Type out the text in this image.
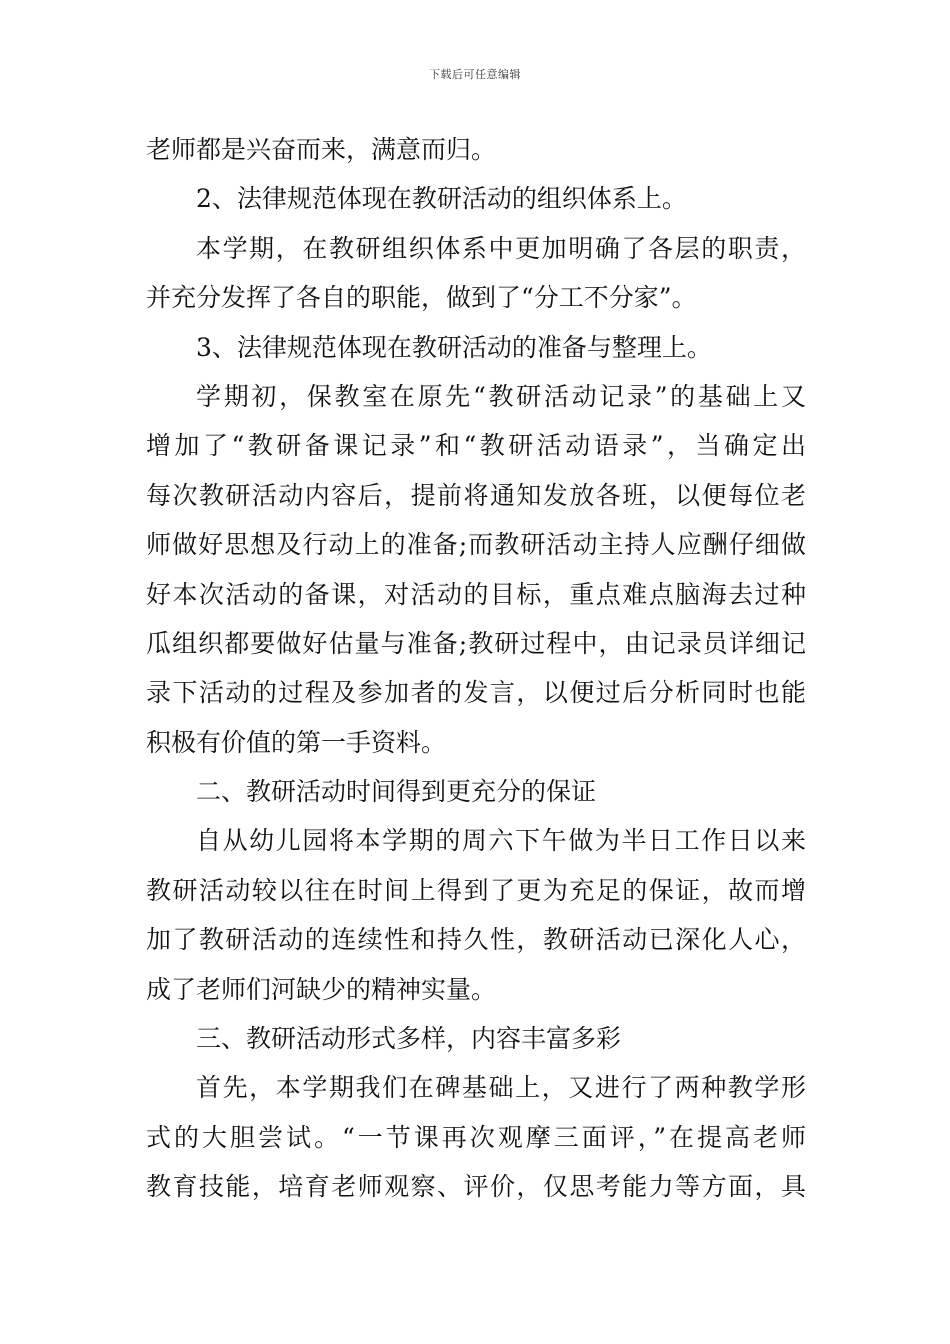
下载后可任意编辑
老师都是兴奋而来，满意而归。
2、法律规范体现在教研活动的组织体系上。
本学期，在教研组织体系中更加明确了各层的职责，
并充分发挥了各自的职能，做到了“分工不分家”。
3、法律规范体现在教研活动的准备与整理上。
学期初，保教室在原先“教研活动记录”的基础上又
增加了“教研备课记录”和“教研活动语录”，当确定出
每次教研活动内容后，提前将通知发放各班，以便每位老
师做好思想及行动上的准备;而教研活动主持人应酬仔细做
好本次活动的备课，对活动的目标，重点难点脑海去过种
瓜组织都要做好估量与准备;教研过程中，由记录员详细记
录下活动的过程及参加者的发言，以便过后分析同时也能
积极有价值的第一手资料。
二、教研活动时间得到更充分的保证
自从幼儿园将本学期的周六下午做为半日工作日以来
教研活动较以往在时间上得到了更为充足的保证，故而增
加了教研活动的连续性和持久性，教研活动已深化人心，
成了老师们河缺少的精神实量。
三、教研活动形式多样，内容丰富多彩
首先，本学期我们在碑基础上，又进行了两种教学形
式的大胆尝试。“一节课再次观摩三面评，”在提高老师
教育技能，培育老师观察、评价，仅思考能力等方面，具
